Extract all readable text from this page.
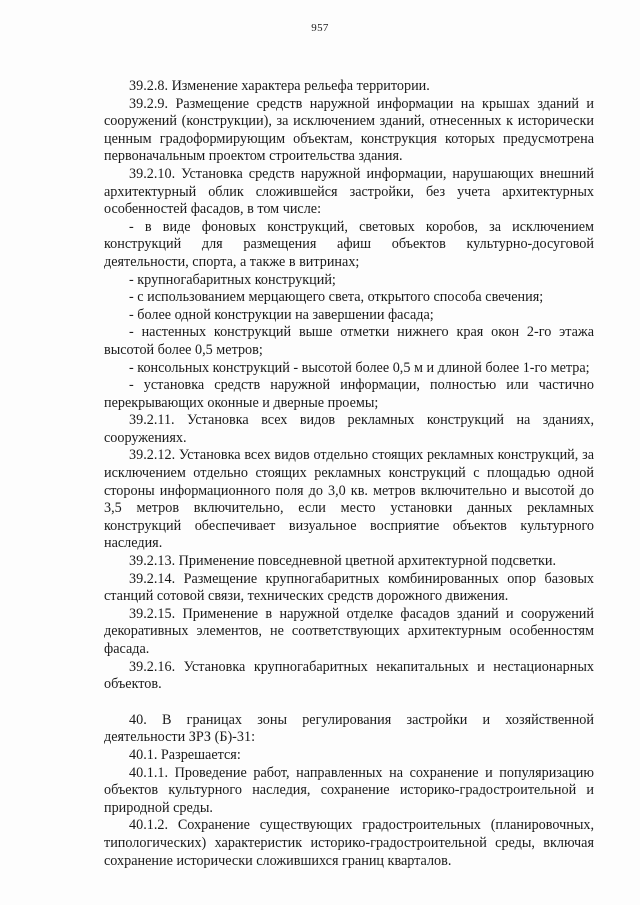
957

39.2.8. Изменение характера рельефа территории.

39.2.9. Размещение средств наружной информации на крышах зданий и сооружений (конструкции), за исключением зданий, отнесенных к исторически ценным градоформирующим объектам, конструкция которых предусмотрена первоначальным проектом строительства здания.

39.2.10. Установка средств наружной информации, нарушающих внешний архитектурный облик сложившейся застройки, без учета архитектурных особенностей фасадов, в том числе:

- в виде фоновых конструкций, световых коробов, за исключением конструкций для размещения афиш объектов культурно-досуговой деятельности, спорта, а также в витринах;

- крупногабаритных конструкций;

- с использованием мерцающего света, открытого способа свечения;

- более одной конструкции на завершении фасада;

- настенных конструкций выше отметки нижнего края окон 2-го этажа высотой более 0,5 метров;

- консольных конструкций - высотой более 0,5 м и длиной более 1-го метра;

- установка средств наружной информации, полностью или частично перекрывающих оконные и дверные проемы;

39.2.11. Установка всех видов рекламных конструкций на зданиях, сооружениях.

39.2.12. Установка всех видов отдельно стоящих рекламных конструкций, за исключением отдельно стоящих рекламных конструкций с площадью одной стороны информационного поля до 3,0 кв. метров включительно и высотой до 3,5 метров включительно, если место установки данных рекламных конструкций обеспечивает визуальное восприятие объектов культурного наследия.

39.2.13. Применение повседневной цветной архитектурной подсветки.

39.2.14. Размещение крупногабаритных комбинированных опор базовых станций сотовой связи, технических средств дорожного движения.

39.2.15. Применение в наружной отделке фасадов зданий и сооружений декоративных элементов, не соответствующих архитектурным особенностям фасада.

39.2.16. Установка крупногабаритных некапитальных и нестационарных объектов.

40. В границах зоны регулирования застройки и хозяйственной деятельности ЗРЗ (Б)-31:

40.1. Разрешается:

40.1.1. Проведение работ, направленных на сохранение и популяризацию объектов культурного наследия, сохранение историко-градостроительной и природной среды.

40.1.2. Сохранение существующих градостроительных (планировочных, типологических) характеристик историко-градостроительной среды, включая сохранение исторически сложившихся границ кварталов.
